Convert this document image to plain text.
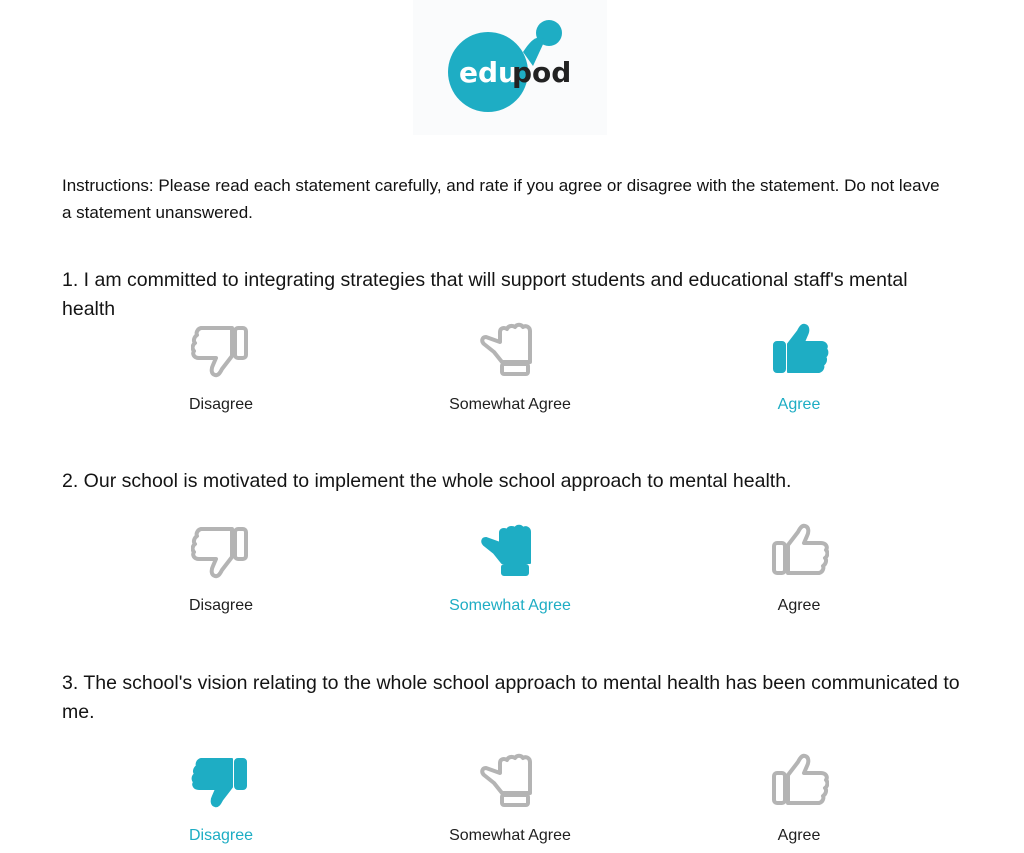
edu
pod
Instructions: Please read each statement carefully, and rate if you agree or disagree with the statement. Do not leave a statement unanswered.
1. I am committed to integrating strategies that will support students and educational staff's mental health
Disagree	Somewhat Agree	Agree
2. Our school is motivated to implement the whole school approach to mental health.
Disagree	Somewhat Agree	Agree
3. The school's vision relating to the whole school approach to mental health has been communicated to me.
Disagree	Somewhat Agree	Agree
